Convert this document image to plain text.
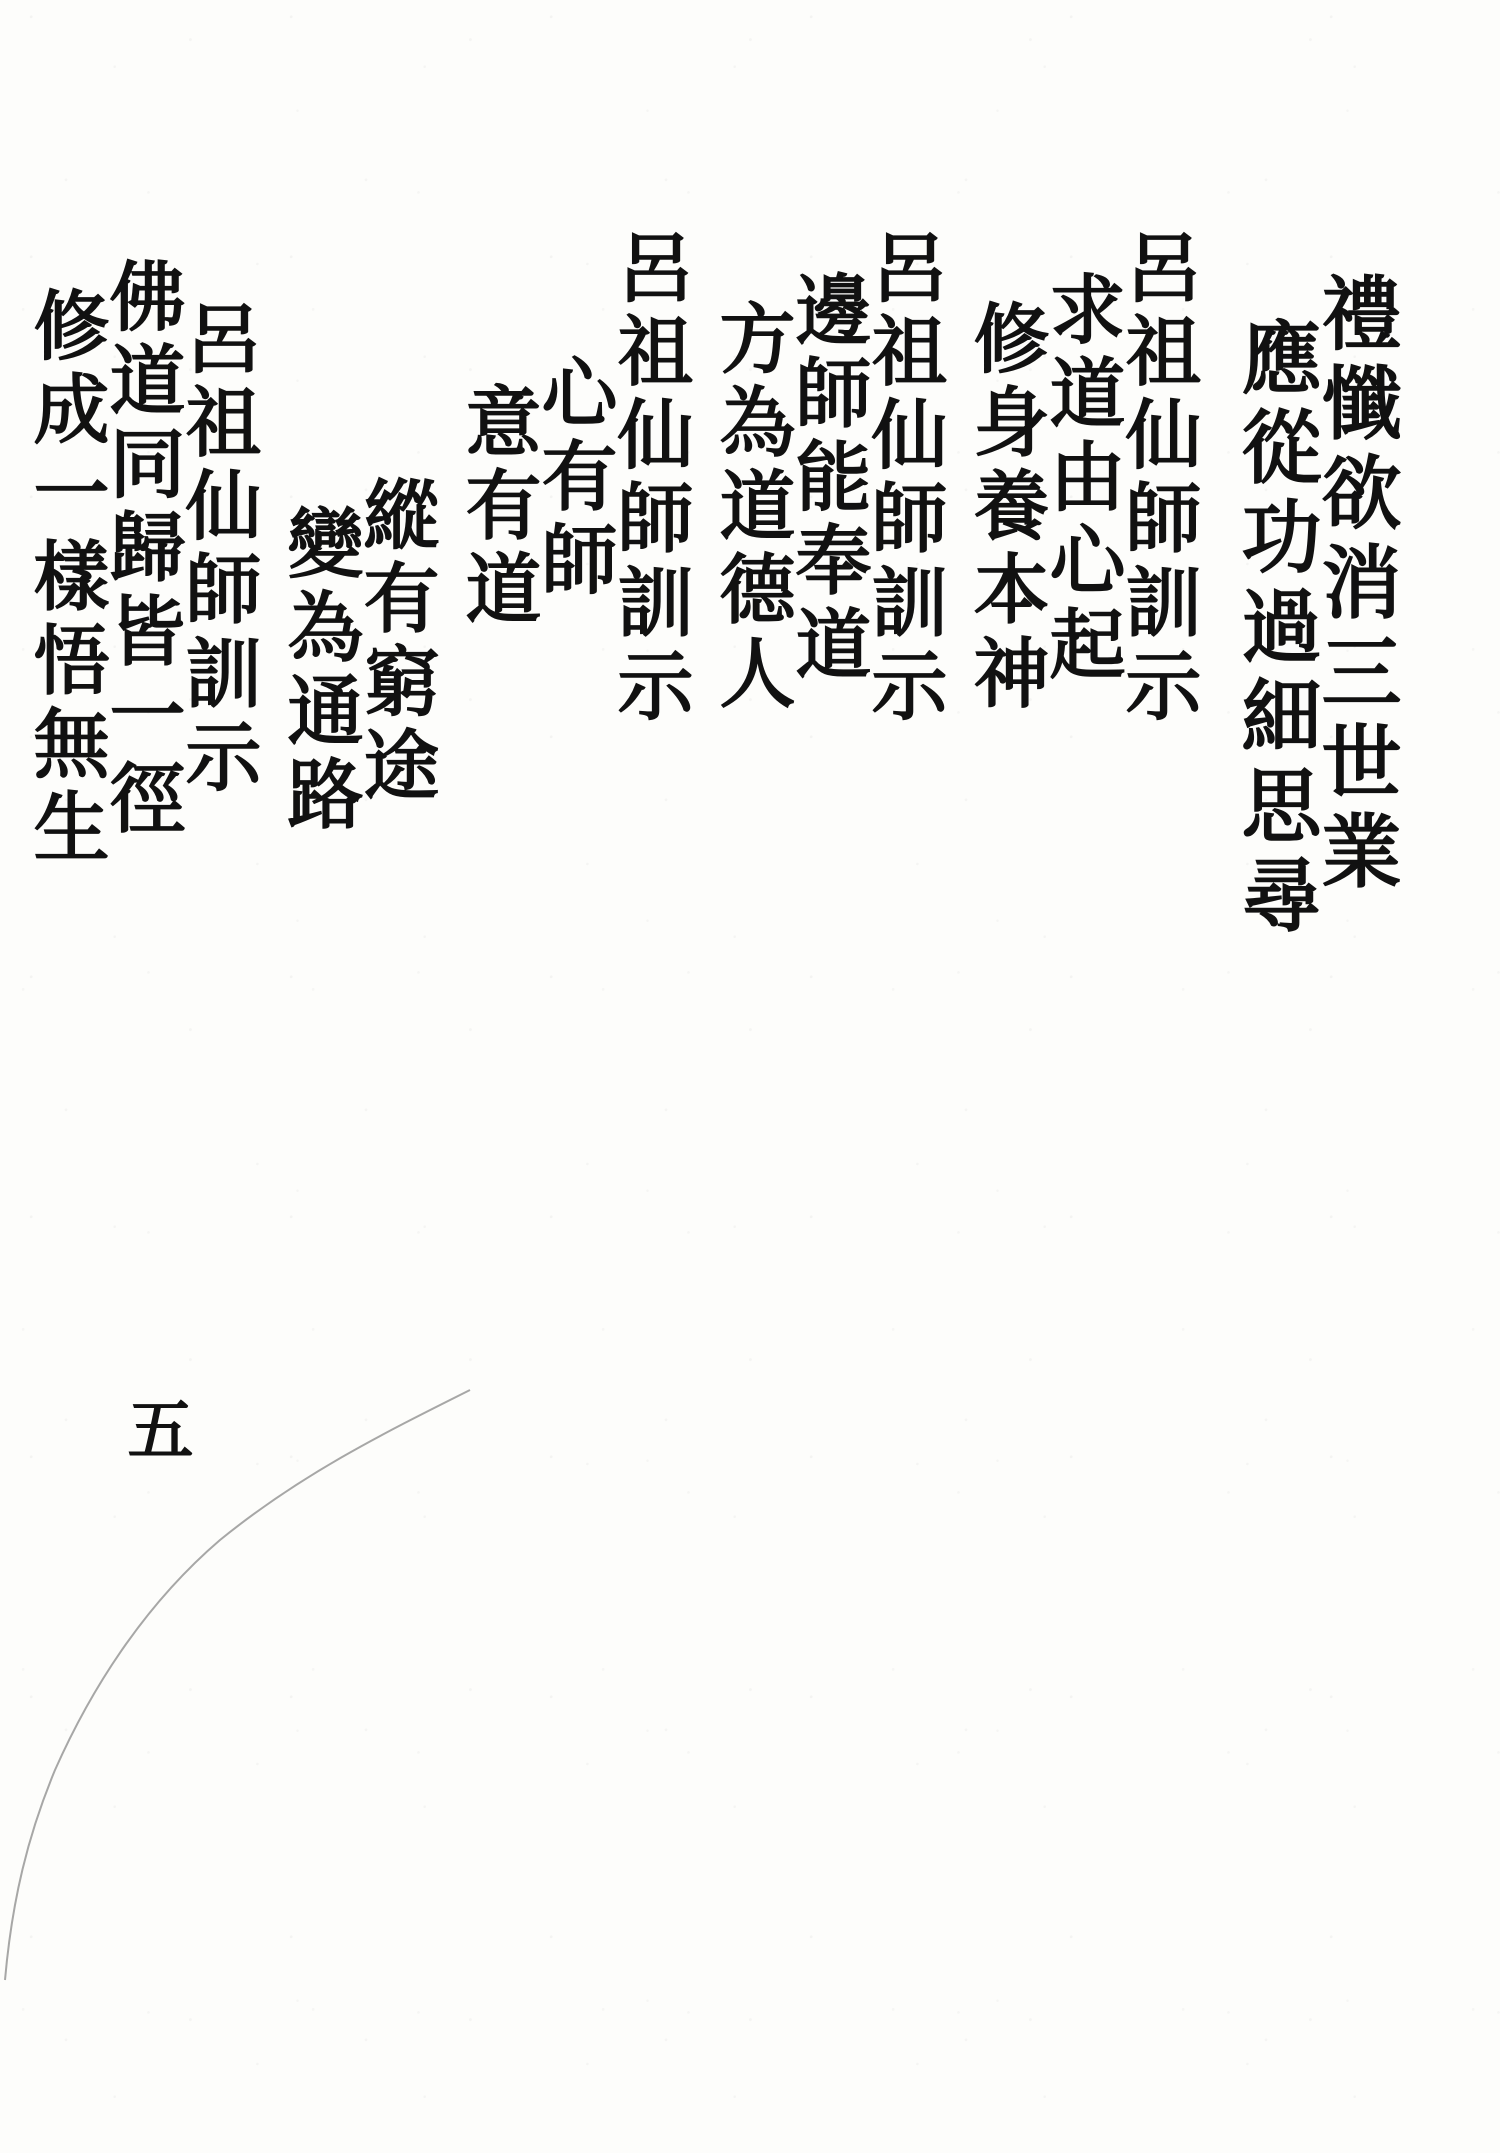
禮懺欲消三世業
應從功過細思尋
呂祖仙師訓示
求道由心起
修身養本神
呂祖仙師訓示
邊師能奉道
方為道德人
呂祖仙師訓示
心有師
意有道
縱有窮途
變為通路
呂祖仙師訓示
佛道同歸皆一徑
修成一樣悟無生
五
